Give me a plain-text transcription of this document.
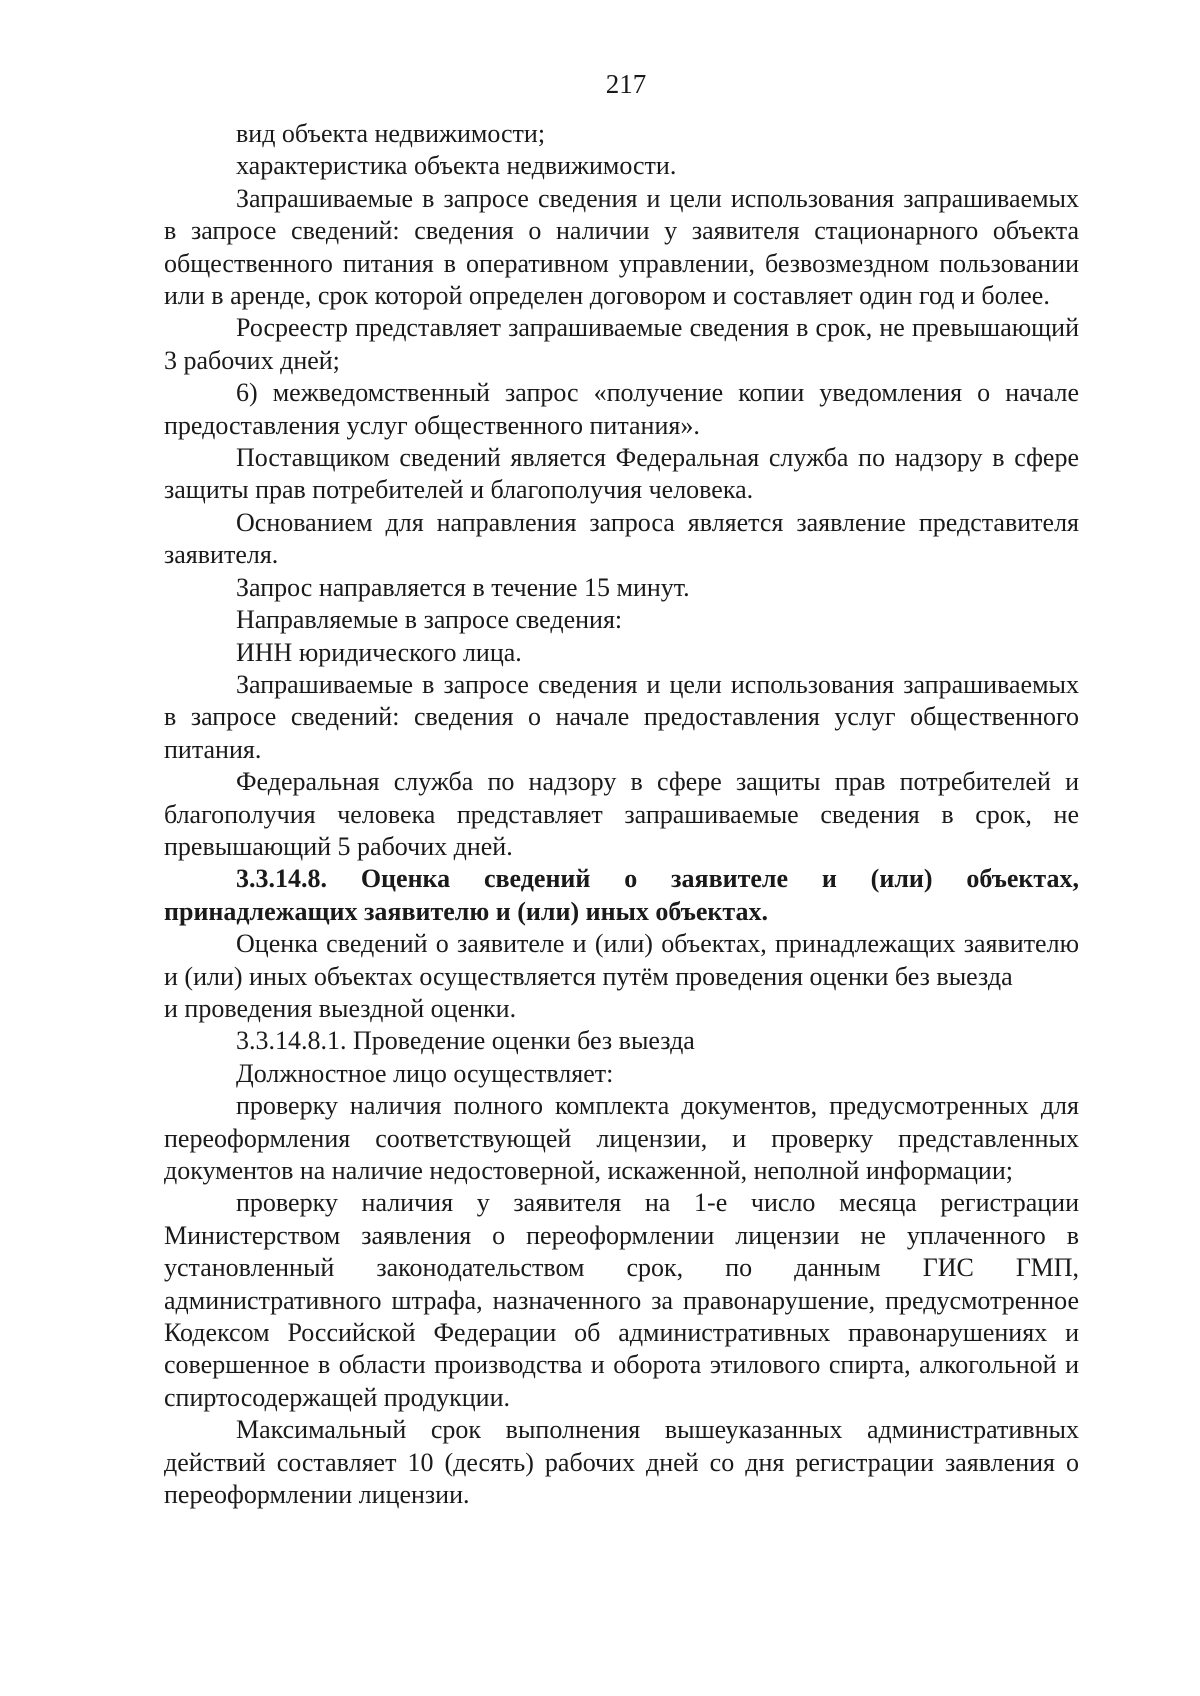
217

вид объекта недвижимости;

характеристика объекта недвижимости.

Запрашиваемые в запросе сведения и цели использования запрашиваемых в запросе сведений: сведения о наличии у заявителя стационарного объекта общественного питания в оперативном управлении, безвозмездном пользовании или в аренде, срок которой определен договором и составляет один год и более.

Росреестр представляет запрашиваемые сведения в срок, не превышающий 3 рабочих дней;

6) межведомственный запрос «получение копии уведомления о начале предоставления услуг общественного питания».

Поставщиком сведений является Федеральная служба по надзору в сфере защиты прав потребителей и благополучия человека.

Основанием для направления запроса является заявление представителя заявителя.

Запрос направляется в течение 15 минут.

Направляемые в запросе сведения:

ИНН юридического лица.

Запрашиваемые в запросе сведения и цели использования запрашиваемых в запросе сведений: сведения о начале предоставления услуг общественного питания.

Федеральная служба по надзору в сфере защиты прав потребителей и благополучия человека представляет запрашиваемые сведения в срок, не превышающий 5 рабочих дней.

3.3.14.8. Оценка сведений о заявителе и (или) объектах, принадлежащих заявителю и (или) иных объектах.

Оценка сведений о заявителе и (или) объектах, принадлежащих заявителю и (или) иных объектах осуществляется путём проведения оценки без выезда

и проведения выездной оценки.

3.3.14.8.1. Проведение оценки без выезда

Должностное лицо осуществляет:

проверку наличия полного комплекта документов, предусмотренных для переоформления соответствующей лицензии, и проверку представленных документов на наличие недостоверной, искаженной, неполной информации;

проверку наличия у заявителя на 1-е число месяца регистрации Министерством заявления о переоформлении лицензии не уплаченного в установленный законодательством срок, по данным ГИС ГМП, административного штрафа, назначенного за правонарушение, предусмотренное Кодексом Российской Федерации об административных правонарушениях и совершенное в области производства и оборота этилового спирта, алкогольной и спиртосодержащей продукции.

Максимальный срок выполнения вышеуказанных административных действий составляет 10 (десять) рабочих дней со дня регистрации заявления о переоформлении лицензии.
